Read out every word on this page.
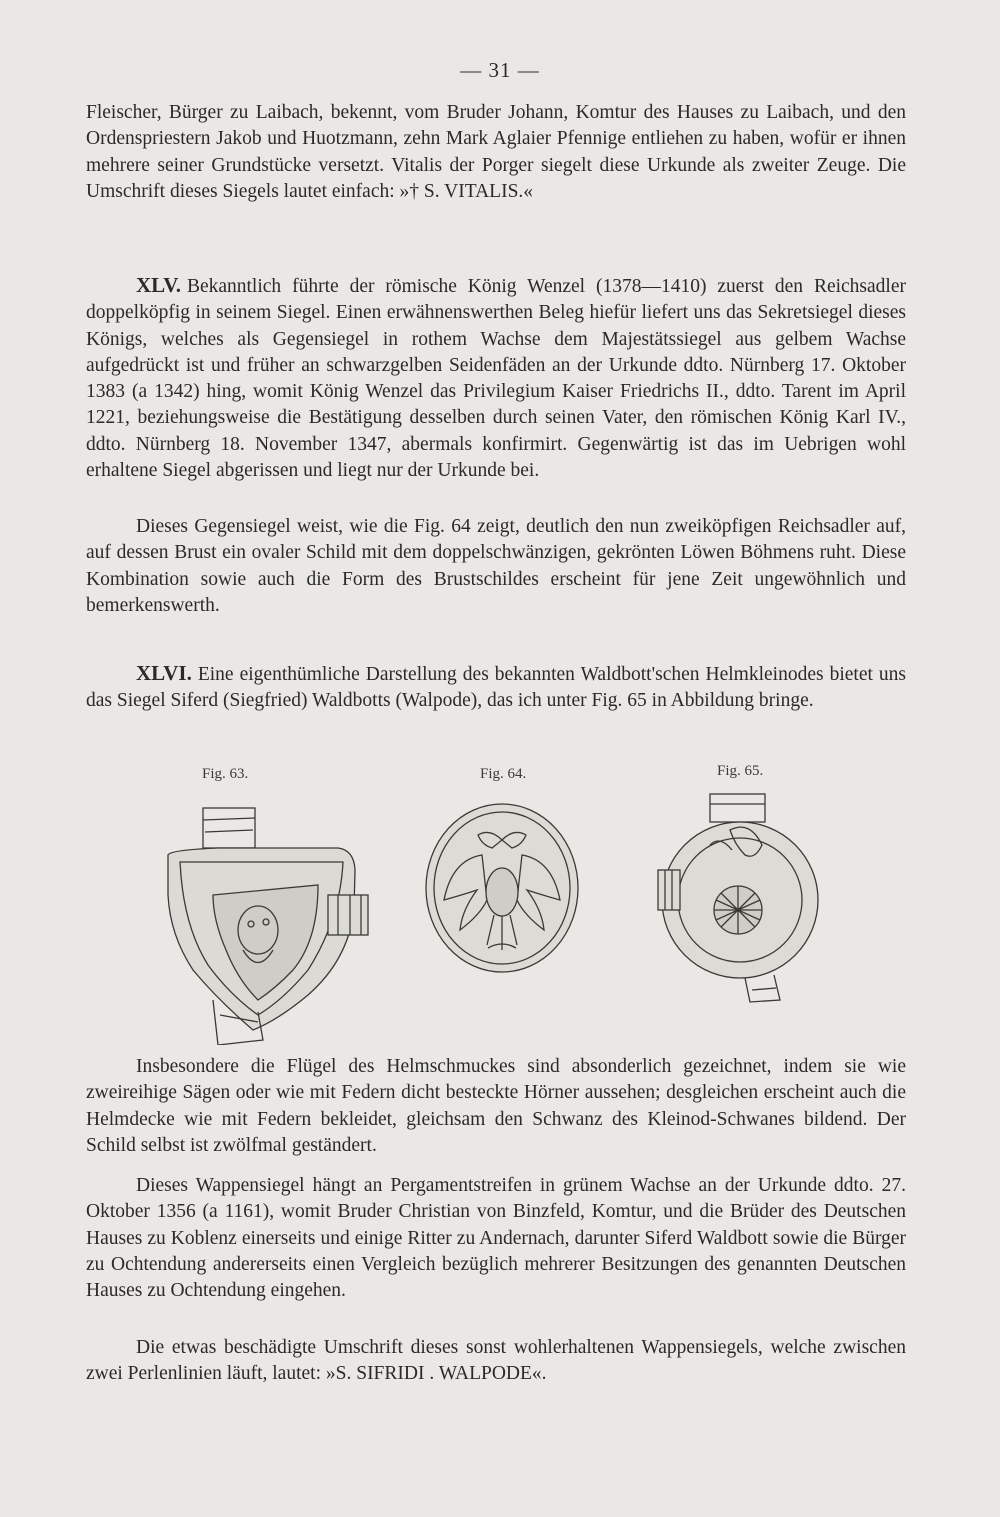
— 31 —

Fleischer, Bürger zu Laibach, bekennt, vom Bruder Johann, Komtur des Hauses zu Laibach, und den Ordenspriestern Jakob und Huotzmann, zehn Mark Aglaier Pfennige entliehen zu haben, wofür er ihnen mehrere seiner Grundstücke versetzt. Vitalis der Porger siegelt diese Urkunde als zweiter Zeuge. Die Umschrift dieses Siegels lautet einfach: »† S. VITALIS.«

XLV. Bekanntlich führte der römische König Wenzel (1378—1410) zuerst den Reichsadler doppelköpfig in seinem Siegel. Einen erwähnenswerthen Beleg hiefür liefert uns das Sekretsiegel dieses Königs, welches als Gegensiegel in rothem Wachse dem Majestätssiegel aus gelbem Wachse aufgedrückt ist und früher an schwarzgelben Seidenfäden an der Urkunde ddto. Nürnberg 17. Oktober 1383 (a 1342) hing, womit König Wenzel das Privilegium Kaiser Friedrichs II., ddto. Tarent im April 1221, beziehungsweise die Bestätigung desselben durch seinen Vater, den römischen König Karl IV., ddto. Nürnberg 18. November 1347, abermals konfirmirt. Gegenwärtig ist das im Uebrigen wohl erhaltene Siegel abgerissen und liegt nur der Urkunde bei.

Dieses Gegensiegel weist, wie die Fig. 64 zeigt, deutlich den nun zweiköpfigen Reichsadler auf, auf dessen Brust ein ovaler Schild mit dem doppelschwänzigen, gekrönten Löwen Böhmens ruht. Diese Kombination sowie auch die Form des Brustschildes erscheint für jene Zeit ungewöhnlich und bemerkenswerth.

XLVI. Eine eigenthümliche Darstellung des bekannten Waldbott'schen Helmkleinodes bietet uns das Siegel Siferd (Siegfried) Waldbotts (Walpode), das ich unter Fig. 65 in Abbildung bringe.

Fig. 63.	Fig. 64.	Fig. 65.

Insbesondere die Flügel des Helmschmuckes sind absonderlich gezeichnet, indem sie wie zweireihige Sägen oder wie mit Federn dicht besteckte Hörner aussehen; desgleichen erscheint auch die Helmdecke wie mit Federn bekleidet, gleichsam den Schwanz des Kleinod-Schwanes bildend. Der Schild selbst ist zwölfmal geständert.

Dieses Wappensiegel hängt an Pergamentstreifen in grünem Wachse an der Urkunde ddto. 27. Oktober 1356 (a 1161), womit Bruder Christian von Binzfeld, Komtur, und die Brüder des Deutschen Hauses zu Koblenz einerseits und einige Ritter zu Andernach, darunter Siferd Waldbott sowie die Bürger zu Ochtendung andererseits einen Vergleich bezüglich mehrerer Besitzungen des genannten Deutschen Hauses zu Ochtendung eingehen.

Die etwas beschädigte Umschrift dieses sonst wohlerhaltenen Wappensiegels, welche zwischen zwei Perlenlinien läuft, lautet: »S. SIFRIDI . WALPODE«.
